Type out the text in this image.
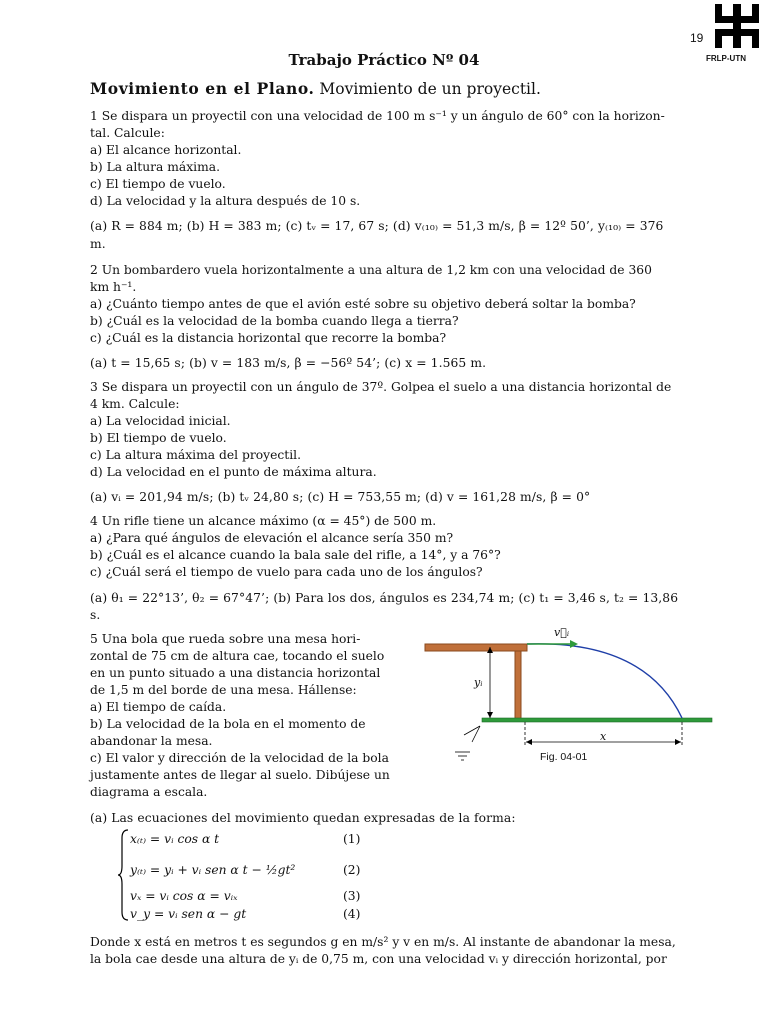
19
FRLP-UTN
Trabajo Práctico Nº 04
Movimiento en el Plano. Movimiento de un proyectil.
1 Se dispara un proyectil con una velocidad de 100 m s⁻¹ y un ángulo de 60° con la horizon-
tal. Calcule:
a) El alcance horizontal.
b) La altura máxima.
c) El tiempo de vuelo.
d) La velocidad y la altura después de 10 s.
(a) R = 884 m; (b) H = 383 m; (c) tᵥ = 17, 67 s; (d) v₍₁₀₎ = 51,3 m/s, β = 12º 50’, y₍₁₀₎ = 376
m.
2 Un bombardero vuela horizontalmente a una altura de 1,2 km con una velocidad de 360
km h⁻¹.
a) ¿Cuánto tiempo antes de que el avión esté sobre su objetivo deberá soltar la bomba?
b) ¿Cuál es la velocidad de la bomba cuando llega a tierra?
c) ¿Cuál es la distancia horizontal que recorre la bomba?
(a) t = 15,65 s; (b) v = 183 m/s, β = −56º 54’; (c) x = 1.565 m.
3 Se dispara un proyectil con un ángulo de 37º. Golpea el suelo a una distancia horizontal de
4 km. Calcule:
a) La velocidad inicial.
b) El tiempo de vuelo.
c) La altura máxima del proyectil.
d) La velocidad en el punto de máxima altura.
(a) vᵢ = 201,94 m/s; (b) tᵥ 24,80 s; (c) H = 753,55 m; (d) v = 161,28 m/s, β = 0°
4 Un rifle tiene un alcance máximo (α = 45°) de 500 m.
a) ¿Para qué ángulos de elevación el alcance sería 350 m?
b) ¿Cuál es el alcance cuando la bala sale del rifle, a 14°, y a 76°?
c) ¿Cuál será el tiempo de vuelo para cada uno de los ángulos?
(a) θ₁ = 22°13’, θ₂ = 67°47’; (b) Para los dos, ángulos es 234,74 m; (c) t₁ = 3,46 s, t₂ = 13,86
s.
5 Una bola que rueda sobre una mesa hori-
zontal de 75 cm de altura cae, tocando el suelo
en un punto situado a una distancia horizontal
de 1,5 m del borde de una mesa. Hállense:
a) El tiempo de caída.
b) La velocidad de la bola en el momento de
abandonar la mesa.
c) El valor y dirección de la velocidad de la bola
justamente antes de llegar al suelo. Dibújese un
diagrama a escala.
v⃗ᵢ
yᵢ
x
Fig. 04-01
(a) Las ecuaciones del movimiento quedan expresadas de la forma:
x₍ₜ₎ = vᵢ cos α t	(1)
y₍ₜ₎ = yᵢ + vᵢ sen α t − ½gt²	(2)
vₓ = vᵢ cos α = vᵢₓ	(3)
v_y = vᵢ sen α − gt	(4)
Donde x está en metros t es segundos g en m/s² y v en m/s. Al instante de abandonar la mesa,
la bola cae desde una altura de yᵢ de 0,75 m, con una velocidad vᵢ y dirección horizontal, por
